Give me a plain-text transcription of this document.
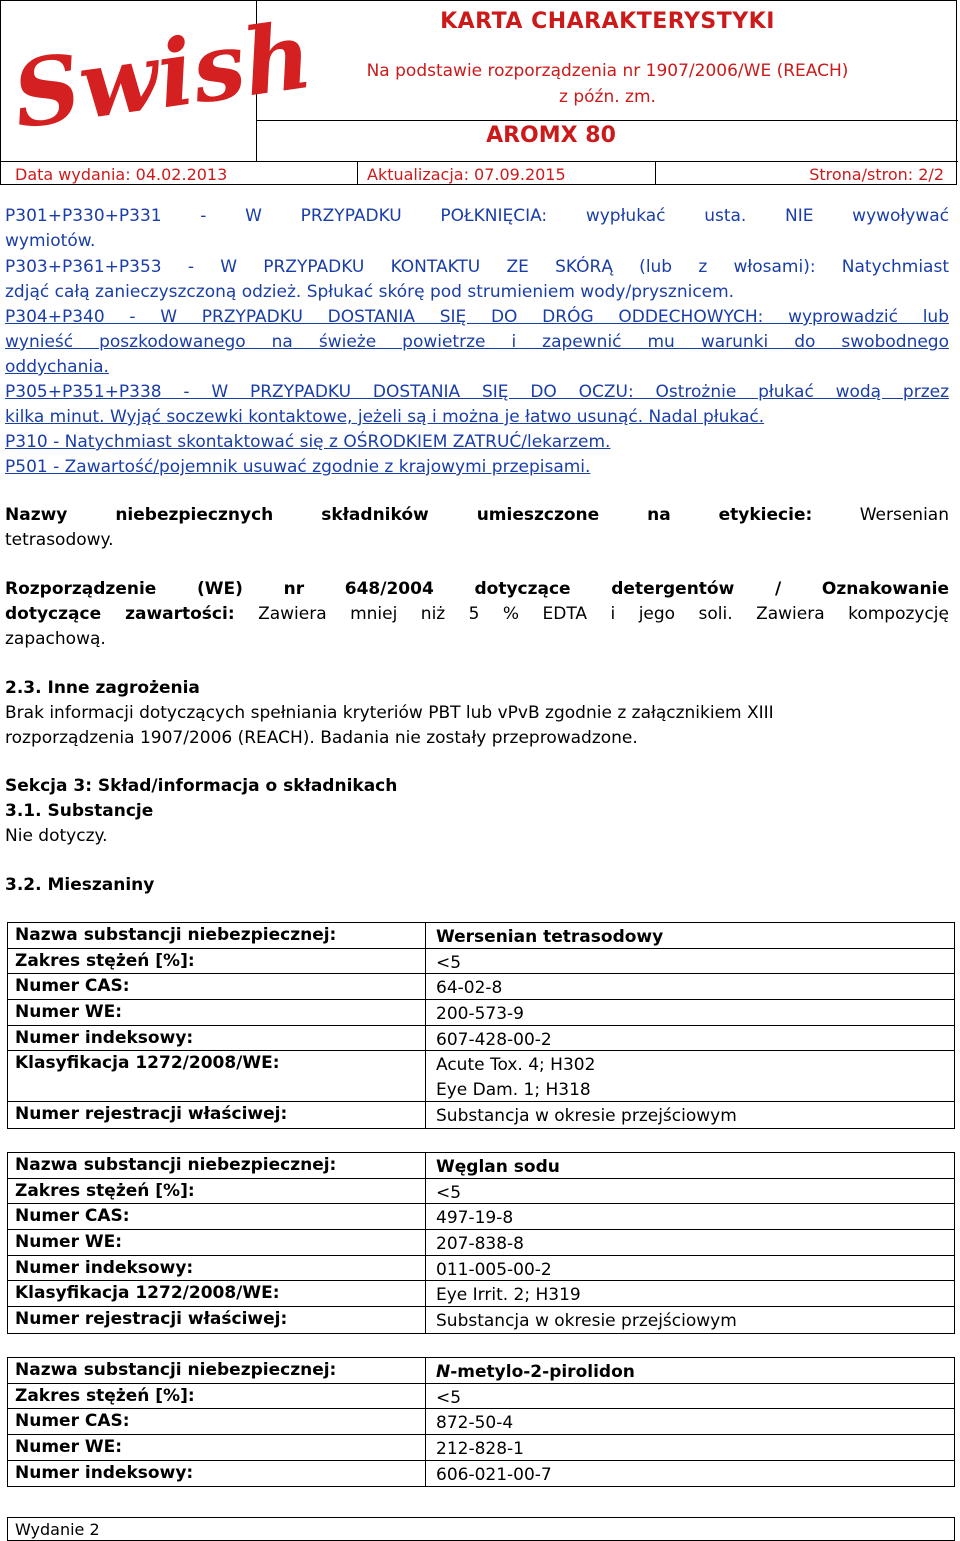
Swish	KARTA CHARAKTERYSTYKI
Na podstawie rozporządzenia nr 1907/2006/WE (REACH)
z późn. zm.
AROMX 80
Data wydania: 04.02.2013	Aktualizacja: 07.09.2015	Strona/stron: 2/2
P301+P330+P331 - W PRZYPADKU POŁKNIĘCIA: wypłukać usta. NIE wywoływać
wymiotów.
P303+P361+P353 - W PRZYPADKU KONTAKTU ZE SKÓRĄ (lub z włosami): Natychmiast
zdjąć całą zanieczyszczoną odzież. Spłukać skórę pod strumieniem wody/prysznicem.
P304+P340 - W PRZYPADKU DOSTANIA SIĘ DO DRÓG ODDECHOWYCH: wyprowadzić lub
wynieść poszkodowanego na świeże powietrze i zapewnić mu warunki do swobodnego
oddychania.
P305+P351+P338 - W PRZYPADKU DOSTANIA SIĘ DO OCZU: Ostrożnie płukać wodą przez
kilka minut. Wyjąć soczewki kontaktowe, jeżeli są i można je łatwo usunąć. Nadal płukać.
P310 - Natychmiast skontaktować się z OŚRODKIEM ZATRUĆ/lekarzem.
P501 - Zawartość/pojemnik usuwać zgodnie z krajowymi przepisami.
Nazwy niebezpiecznych składników umieszczone na etykiecie:	Wersenian
tetrasodowy.
Rozporządzenie (WE) nr 648/2004 dotyczące detergentów / Oznakowanie
dotyczące zawartości: Zawiera mniej niż 5 % EDTA i jego soli. Zawiera kompozycję
zapachową.
2.3. Inne zagrożenia
Brak informacji dotyczących spełniania kryteriów PBT lub vPvB zgodnie z załącznikiem XIII
rozporządzenia 1907/2006 (REACH). Badania nie zostały przeprowadzone.
Sekcja 3: Skład/informacja o składnikach
3.1. Substancje
Nie dotyczy.
3.2. Mieszaniny
Nazwa substancji niebezpiecznej:	Wersenian tetrasodowy
Zakres stężeń [%]:	<5
Numer CAS:	64-02-8
Numer WE:	200-573-9
Numer indeksowy:	607-428-00-2
Klasyfikacja 1272/2008/WE:	Acute Tox. 4; H302
Eye Dam. 1; H318
Numer rejestracji właściwej:	Substancja w okresie przejściowym
Nazwa substancji niebezpiecznej:	Węglan sodu
Zakres stężeń [%]:	<5
Numer CAS:	497-19-8
Numer WE:	207-838-8
Numer indeksowy:	011-005-00-2
Klasyfikacja 1272/2008/WE:	Eye Irrit. 2; H319
Numer rejestracji właściwej:	Substancja w okresie przejściowym
Nazwa substancji niebezpiecznej:	N-metylo-2-pirolidon
Zakres stężeń [%]:	<5
Numer CAS:	872-50-4
Numer WE:	212-828-1
Numer indeksowy:	606-021-00-7
Wydanie 2
